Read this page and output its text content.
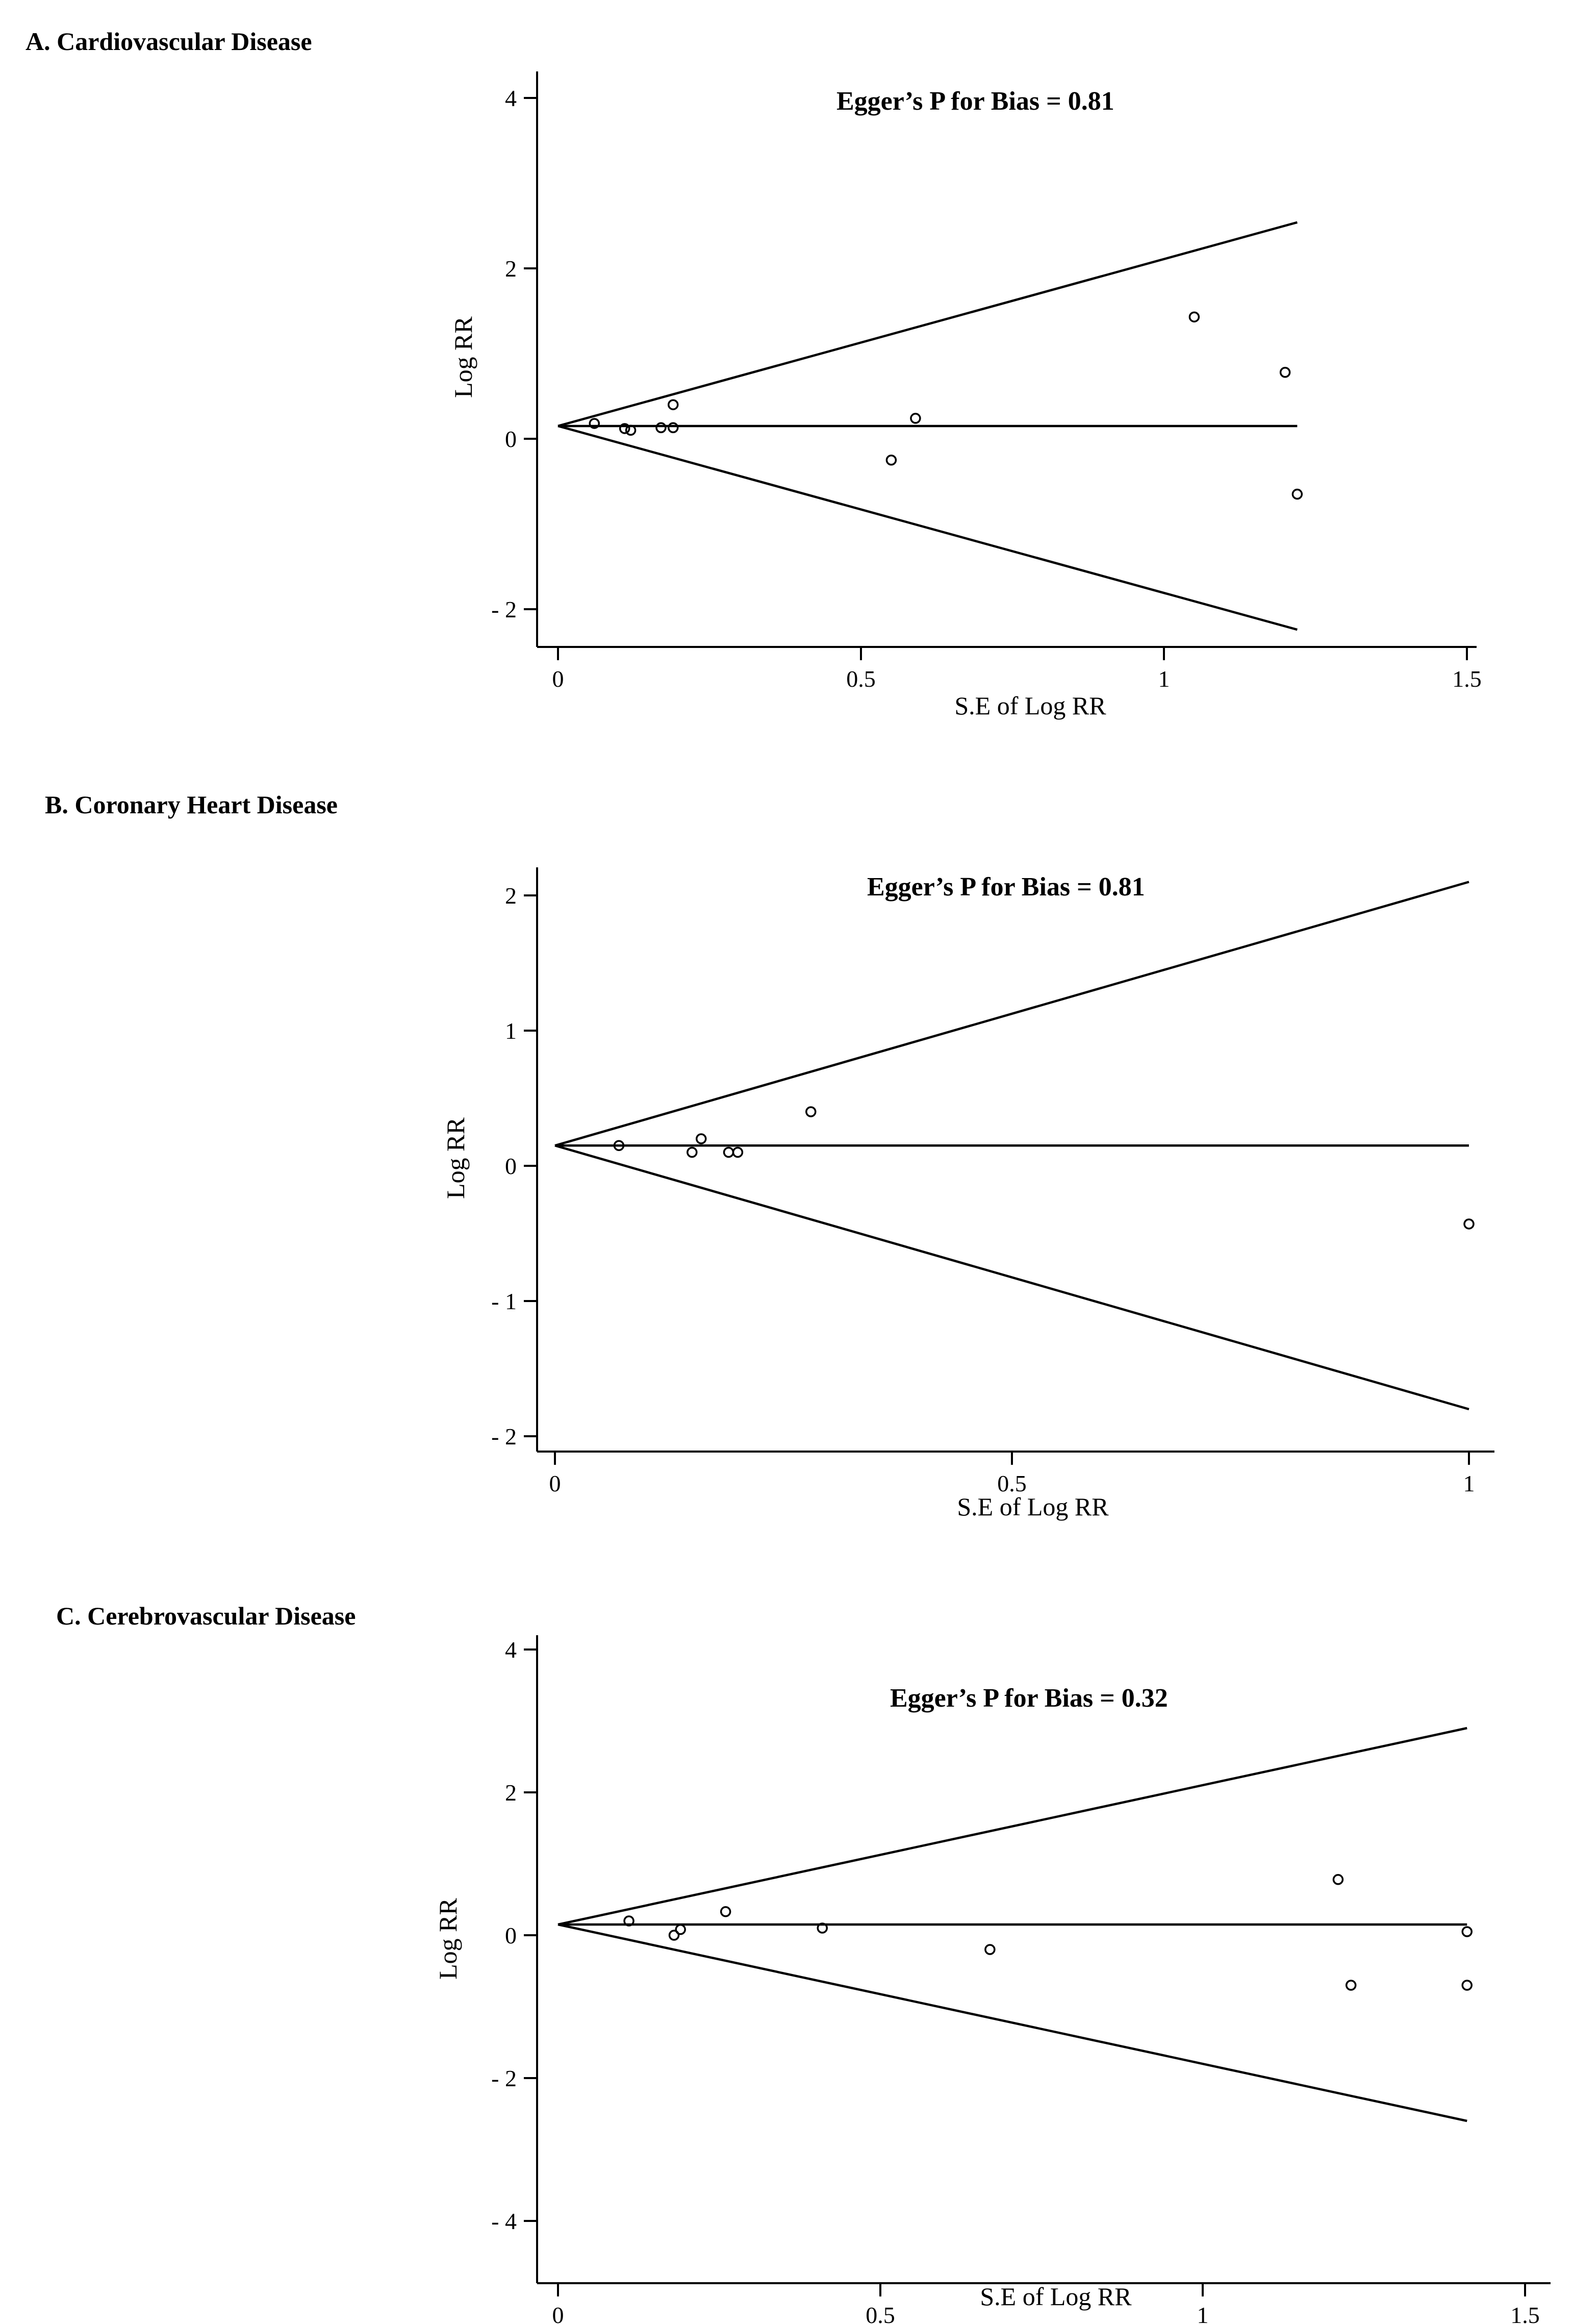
A. Cardiovascular Disease
B. Coronary Heart Disease
C. Cerebrovascular Disease
- 2
0
2
4
0	0.5	1	1.5
Egger’s P for Bias = 0.81
S.E of Log RR
Log RR
- 2
- 1
0
1
2
0	0.5	1
Egger’s P for Bias = 0.81
S.E of Log RR
Log RR
- 4
- 2
0
2
4
0	0.5	1	1.5
Egger’s P for Bias = 0.32
S.E of Log RR
Log RR
